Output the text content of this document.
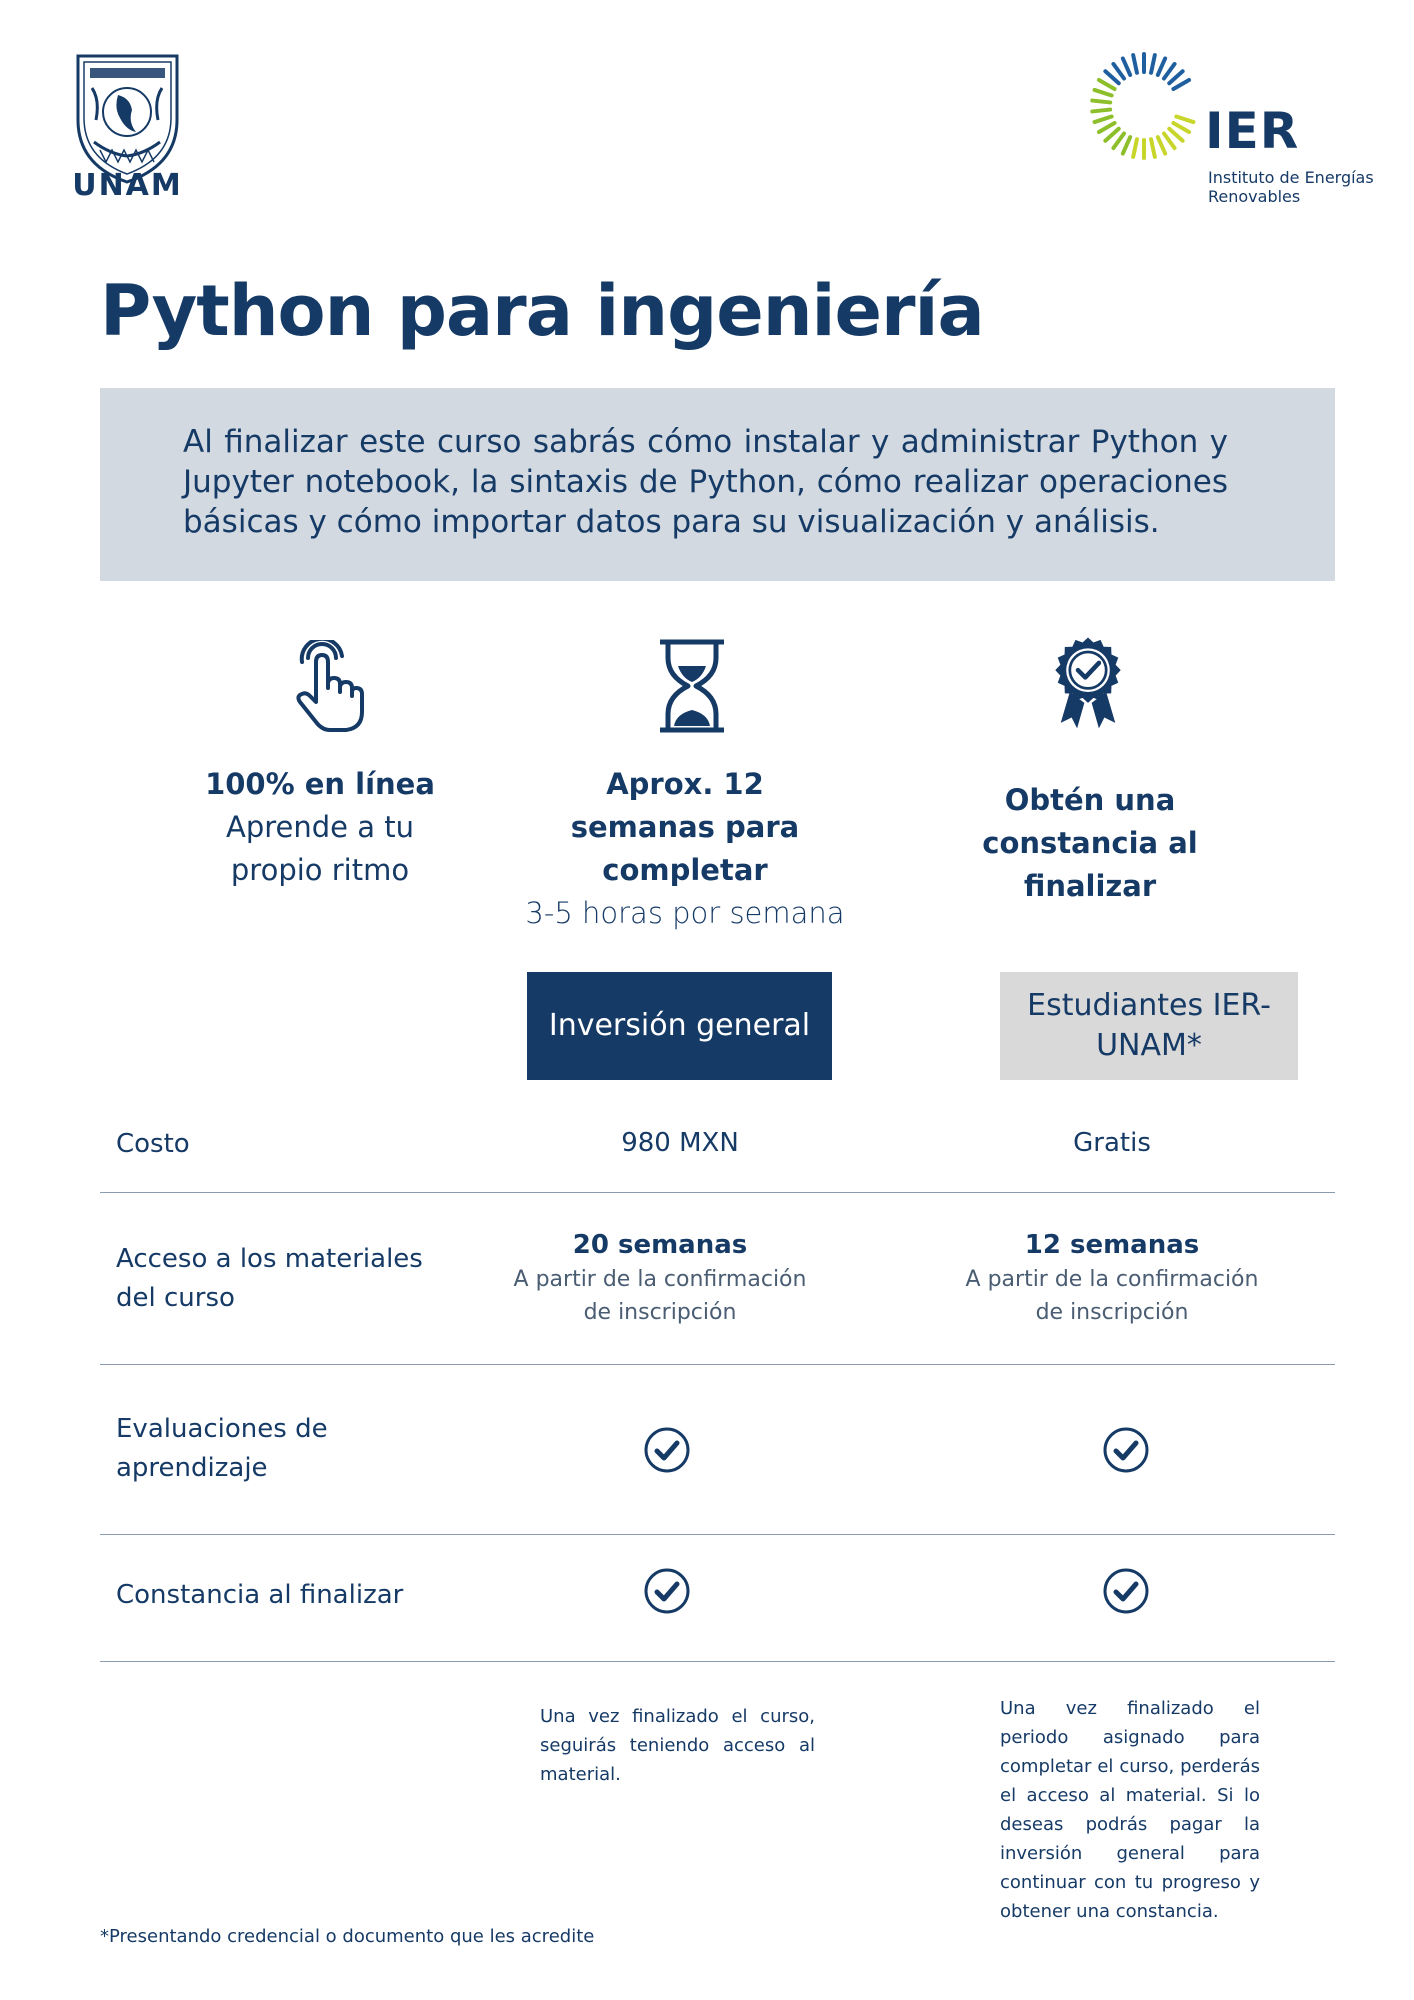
UNAM
IER
Instituto de Energías Renovables
Python para ingeniería

Al finalizar este curso sabrás cómo instalar y administrar Python y Jupyter notebook, la sintaxis de Python, cómo realizar operaciones básicas y cómo importar datos para su visualización y análisis.

100% en línea
Aprende a tu propio ritmo
Aprox. 12 semanas para completar
3-5 horas por semana
Obtén una constancia al finalizar
Inversión general
Estudiantes IER-UNAM*
Costo	980 MXN	Gratis
Acceso a los materiales del curso
20 semanas
A partir de la confirmación de inscripción
12 semanas
A partir de la confirmación de inscripción
Evaluaciones de aprendizaje
Constancia al finalizar

Una vez finalizado el curso, seguirás teniendo acceso al material.

Una vez finalizado el periodo asignado para completar el curso, perderás el acceso al material. Si lo deseas podrás pagar la inversión general para continuar con tu progreso y obtener una constancia.

*Presentando credencial o documento que les acredite
